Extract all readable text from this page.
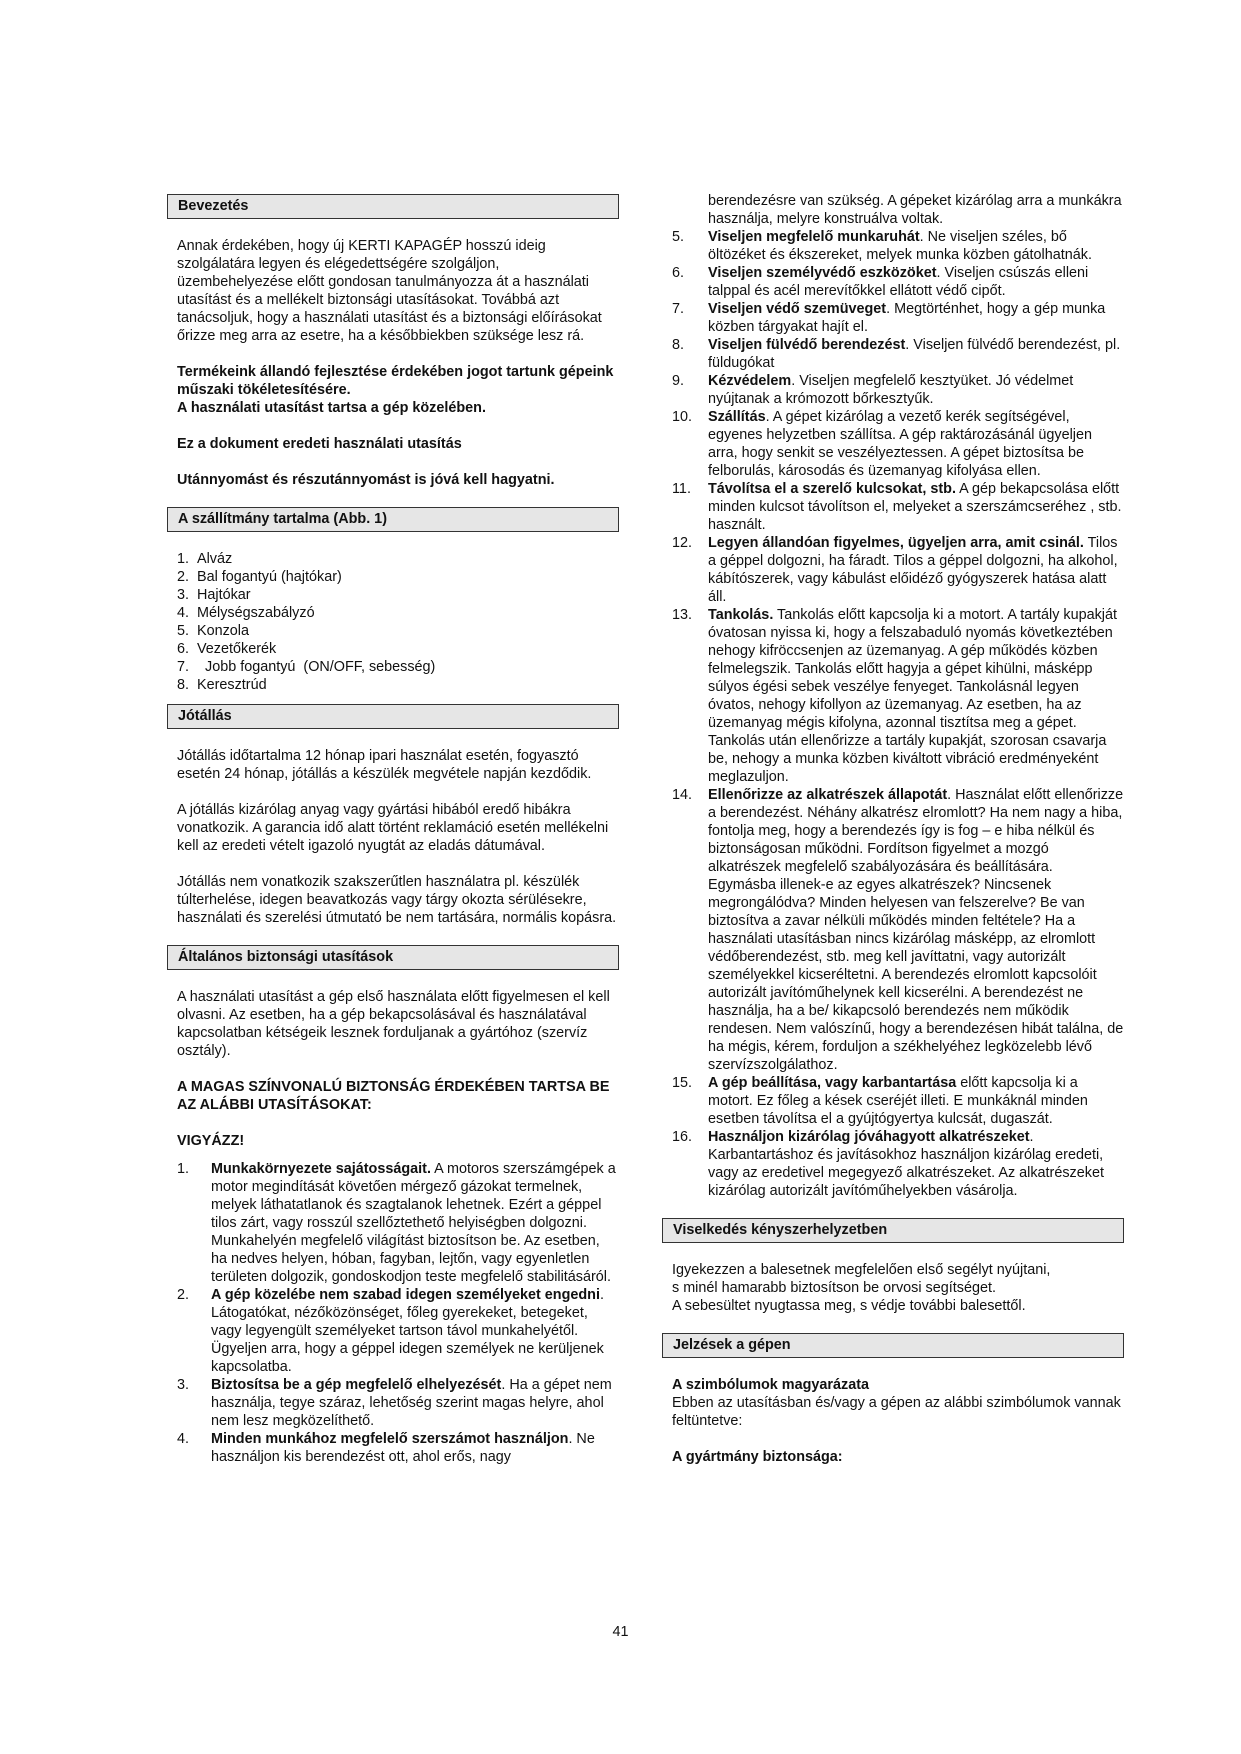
Bevezetés

Annak érdekében, hogy új KERTI KAPAGÉP hosszú ideig szolgálatára legyen és elégedettségére szolgáljon, üzembehelyezése előtt gondosan tanulmányozza át a használati utasítást és a mellékelt biztonsági utasításokat. Továbbá azt tanácsoljuk, hogy a használati utasítást és a biztonsági előírásokat őrizze meg arra az esetre, ha a későbbiekben szüksége lesz rá.

Termékeink állandó fejlesztése érdekében jogot tartunk gépeink műszaki tökéletesítésére.

A használati utasítást tartsa a gép közelében.

Ez a dokument eredeti használati utasítás

Utánnyomást és részutánnyomást is jóvá kell hagyatni.

A szállítmány tartalma (Abb. 1)
1. Alváz
2. Bal fogantyú (hajtókar)
3. Hajtókar
4. Mélységszabályzó
5. Konzola
6. Vezetőkerék
7. Jobb fogantyú  (ON/OFF, sebesség)
8. Keresztrúd
Jótállás

Jótállás időtartalma 12 hónap ipari használat esetén, fogyasztó esetén 24 hónap, jótállás a készülék megvétele napján kezdődik.

A jótállás kizárólag anyag vagy gyártási hibából eredő hibákra vonatkozik. A garancia idő alatt történt reklamáció esetén mellékelni kell az eredeti vételt igazoló nyugtát az eladás dátumával.

Jótállás nem vonatkozik szakszerűtlen használatra pl. készülék túlterhelése, idegen beavatkozás vagy tárgy okozta sérülésekre, használati és szerelési útmutató be nem tartására, normális kopásra.

Általános biztonsági utasítások

A használati utasítást a gép első használata előtt figyelmesen el kell olvasni. Az esetben, ha a gép bekapcsolásával és használatával kapcsolatban kétségeik lesznek forduljanak a gyártóhoz (szervíz osztály).

A MAGAS SZÍNVONALÚ BIZTONSÁG ÉRDEKÉBEN TARTSA BE AZ ALÁBBI UTASÍTÁSOKAT:

VIGYÁZZ!

1. Munkakörnyezete sajátosságait. A motoros szerszámgépek a motor megindítását követően mérgező gázokat termelnek, melyek láthatatlanok és szagtalanok lehetnek. Ezért a géppel tilos zárt, vagy rosszúl szellőztethető helyiségben dolgozni. Munkahelyén megfelelő világítást biztosítson be. Az esetben, ha nedves helyen, hóban, fagyban, lejtőn, vagy egyenletlen területen dolgozik, gondoskodjon teste megfelelő stabilitásáról.
2. A gép közelébe nem szabad idegen személyeket engedni. Látogatókat, nézőközönséget, főleg gyerekeket, betegeket, vagy legyengült személyeket tartson távol munkahelyétől. Ügyeljen arra, hogy a géppel idegen személyek ne kerüljenek kapcsolatba.
3. Biztosítsa be a gép megfelelő elhelyezését. Ha a gépet nem használja, tegye száraz, lehetőség szerint magas helyre, ahol nem lesz megközelíthető.
4. Minden munkához megfelelő szerszámot használjon. Ne használjon kis berendezést ott, ahol erős, nagy

berendezésre van szükség. A gépeket kizárólag arra a munkákra használja, melyre konstruálva voltak.

5. Viseljen megfelelő munkaruhát. Ne viseljen széles, bő öltözéket és ékszereket, melyek munka közben gátolhatnák.
6. Viseljen személyvédő eszközöket. Viseljen csúszás elleni talppal és acél merevítőkkel ellátott védő cipőt.
7. Viseljen védő szemüveget. Megtörténhet, hogy a gép munka közben tárgyakat hajít el.
8. Viseljen fülvédő berendezést. Viseljen fülvédő berendezést, pl. füldugókat
9. Kézvédelem. Viseljen megfelelő kesztyüket. Jó védelmet nyújtanak a krómozott bőrkesztyűk.
10. Szállítás. A gépet kizárólag a vezető kerék segítségével, egyenes helyzetben szállítsa. A gép raktározásánál ügyeljen arra, hogy senkit se veszélyeztessen. A gépet biztosítsa be felborulás, károsodás és üzemanyag kifolyása ellen.
11. Távolítsa el a szerelő kulcsokat, stb. A gép bekapcsolása előtt minden kulcsot távolítson el, melyeket a szerszámcseréhez , stb. használt.
12. Legyen állandóan figyelmes, ügyeljen arra, amit csinál. Tilos a géppel dolgozni, ha fáradt. Tilos a géppel dolgozni, ha alkohol, kábítószerek, vagy kábulást előidéző gyógyszerek hatása alatt áll.
13. Tankolás. Tankolás előtt kapcsolja ki a motort. A tartály kupakját óvatosan nyissa ki, hogy a felszabaduló nyomás következtében nehogy kifröccsenjen az üzemanyag. A gép működés közben felmelegszik. Tankolás előtt hagyja a gépet kihülni, másképp súlyos égési sebek veszélye fenyeget. Tankolásnál legyen óvatos, nehogy kifollyon az üzemanyag. Az esetben, ha az üzemanyag mégis kifolyna, azonnal tisztítsa meg a gépet. Tankolás után ellenőrizze a tartály kupakját, szorosan csavarja be, nehogy a munka közben kiváltott vibráció eredményeként meglazuljon.
14. Ellenőrizze az alkatrészek állapotát. Használat előtt ellenőrizze a berendezést. Néhány alkatrész elromlott? Ha nem nagy a hiba, fontolja meg, hogy a berendezés így is fog – e hiba nélkül és biztonságosan működni. Fordítson figyelmet a mozgó alkatrészek megfelelő szabályozására és beállítására. Egymásba illenek-e az egyes alkatrészek? Nincsenek megrongálódva? Minden helyesen van felszerelve? Be van biztosítva a zavar nélküli működés minden feltétele? Ha a használati utasításban nincs kizárólag másképp, az elromlott védőberendezést, stb. meg kell javíttatni, vagy autorizált személyekkel kicseréltetni. A berendezés elromlott kapcsolóit autorizált javítóműhelynek kell kicserélni. A berendezést ne használja, ha a be/ kikapcsoló berendezés nem működik rendesen. Nem valószínű, hogy a berendezésen hibát találna, de ha mégis, kérem, forduljon a székhelyéhez legközelebb lévő szervízszolgálathoz.
15. A gép beállítása, vagy karbantartása előtt kapcsolja ki a motort. Ez főleg a kések cseréjét illeti. E munkáknál minden esetben távolítsa el a gyújtógyertya kulcsát, dugaszát.
16. Használjon kizárólag jóváhagyott alkatrészeket. Karbantartáshoz és javításokhoz használjon kizárólag eredeti, vagy az eredetivel megegyező alkatrészeket. Az alkatrészeket kizárólag autorizált javítóműhelyekben vásárolja.
Viselkedés kényszerhelyzetben

Igyekezzen a balesetnek megfelelően első segélyt nyújtani,

s minél hamarabb biztosítson be orvosi segítséget.

A sebesültet nyugtassa meg, s védje további balesettől.

Jelzések a gépen

A szimbólumok magyarázata

Ebben az utasításban és/vagy a gépen az alábbi szimbólumok vannak feltüntetve:

A gyártmány biztonsága:

41
